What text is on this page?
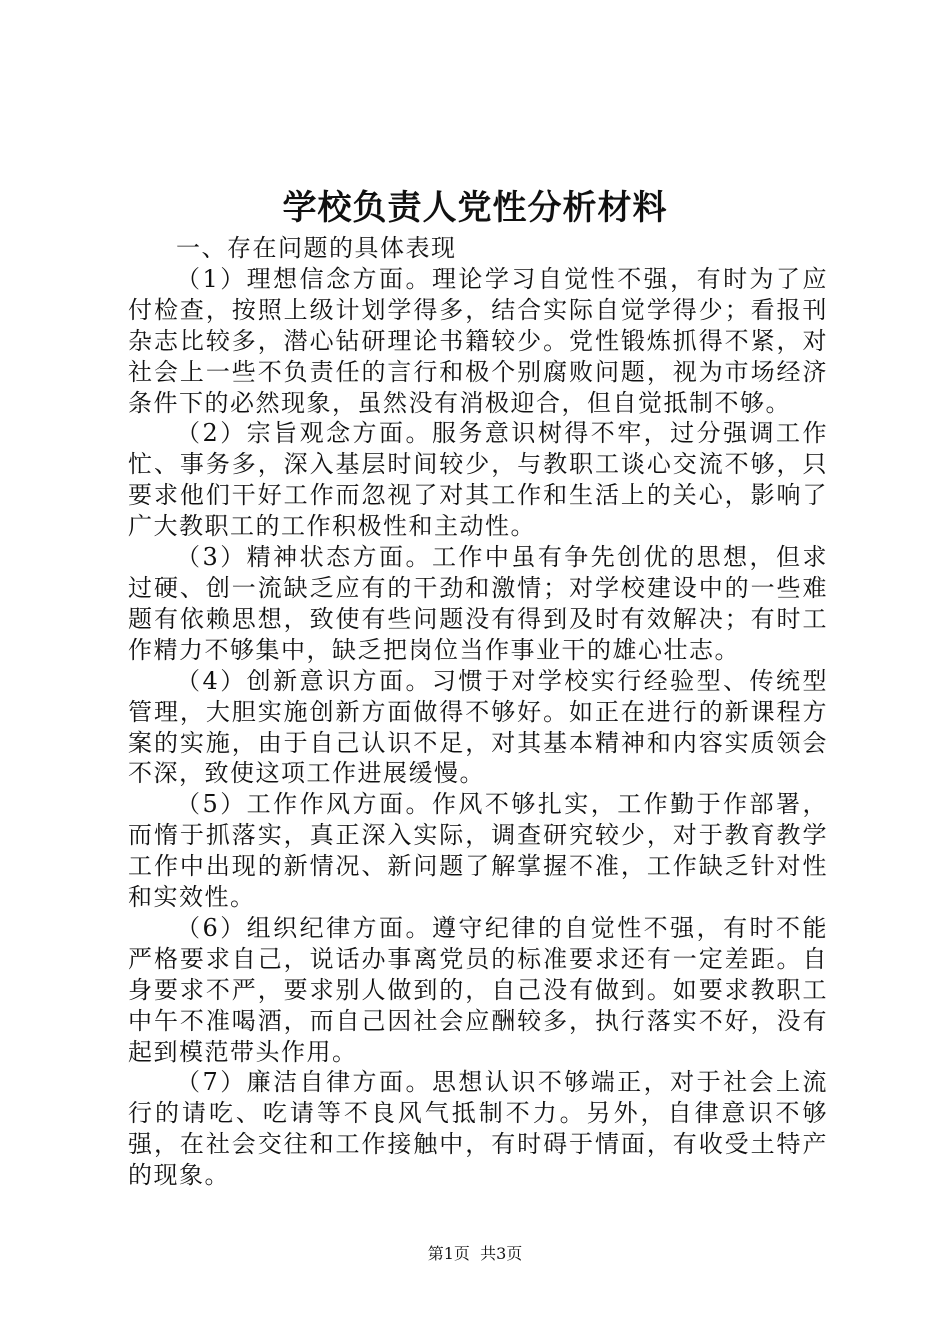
学校负责人党性分析材料

一、存在问题的具体表现

（1）理想信念方面。理论学习自觉性不强，有时为了应付检查，按照上级计划学得多，结合实际自觉学得少；看报刊杂志比较多，潜心钻研理论书籍较少。党性锻炼抓得不紧，对社会上一些不负责任的言行和极个别腐败问题，视为市场经济条件下的必然现象，虽然没有消极迎合，但自觉抵制不够。

（2）宗旨观念方面。服务意识树得不牢，过分强调工作忙、事务多，深入基层时间较少，与教职工谈心交流不够，只要求他们干好工作而忽视了对其工作和生活上的关心，影响了广大教职工的工作积极性和主动性。

（3）精神状态方面。工作中虽有争先创优的思想，但求过硬、创一流缺乏应有的干劲和激情；对学校建设中的一些难题有依赖思想，致使有些问题没有得到及时有效解决；有时工作精力不够集中，缺乏把岗位当作事业干的雄心壮志。

（4）创新意识方面。习惯于对学校实行经验型、传统型管理，大胆实施创新方面做得不够好。如正在进行的新课程方案的实施，由于自己认识不足，对其基本精神和内容实质领会不深，致使这项工作进展缓慢。

（5）工作作风方面。作风不够扎实，工作勤于作部署，而惰于抓落实，真正深入实际，调查研究较少，对于教育教学工作中出现的新情况、新问题了解掌握不准，工作缺乏针对性和实效性。

（6）组织纪律方面。遵守纪律的自觉性不强，有时不能严格要求自己，说话办事离党员的标准要求还有一定差距。自身要求不严，要求别人做到的，自己没有做到。如要求教职工中午不准喝酒，而自己因社会应酬较多，执行落实不好，没有起到模范带头作用。

（7）廉洁自律方面。思想认识不够端正，对于社会上流行的请吃、吃请等不良风气抵制不力。另外，自律意识不够强，在社会交往和工作接触中，有时碍于情面，有收受土特产的现象。

第1页  共3页
